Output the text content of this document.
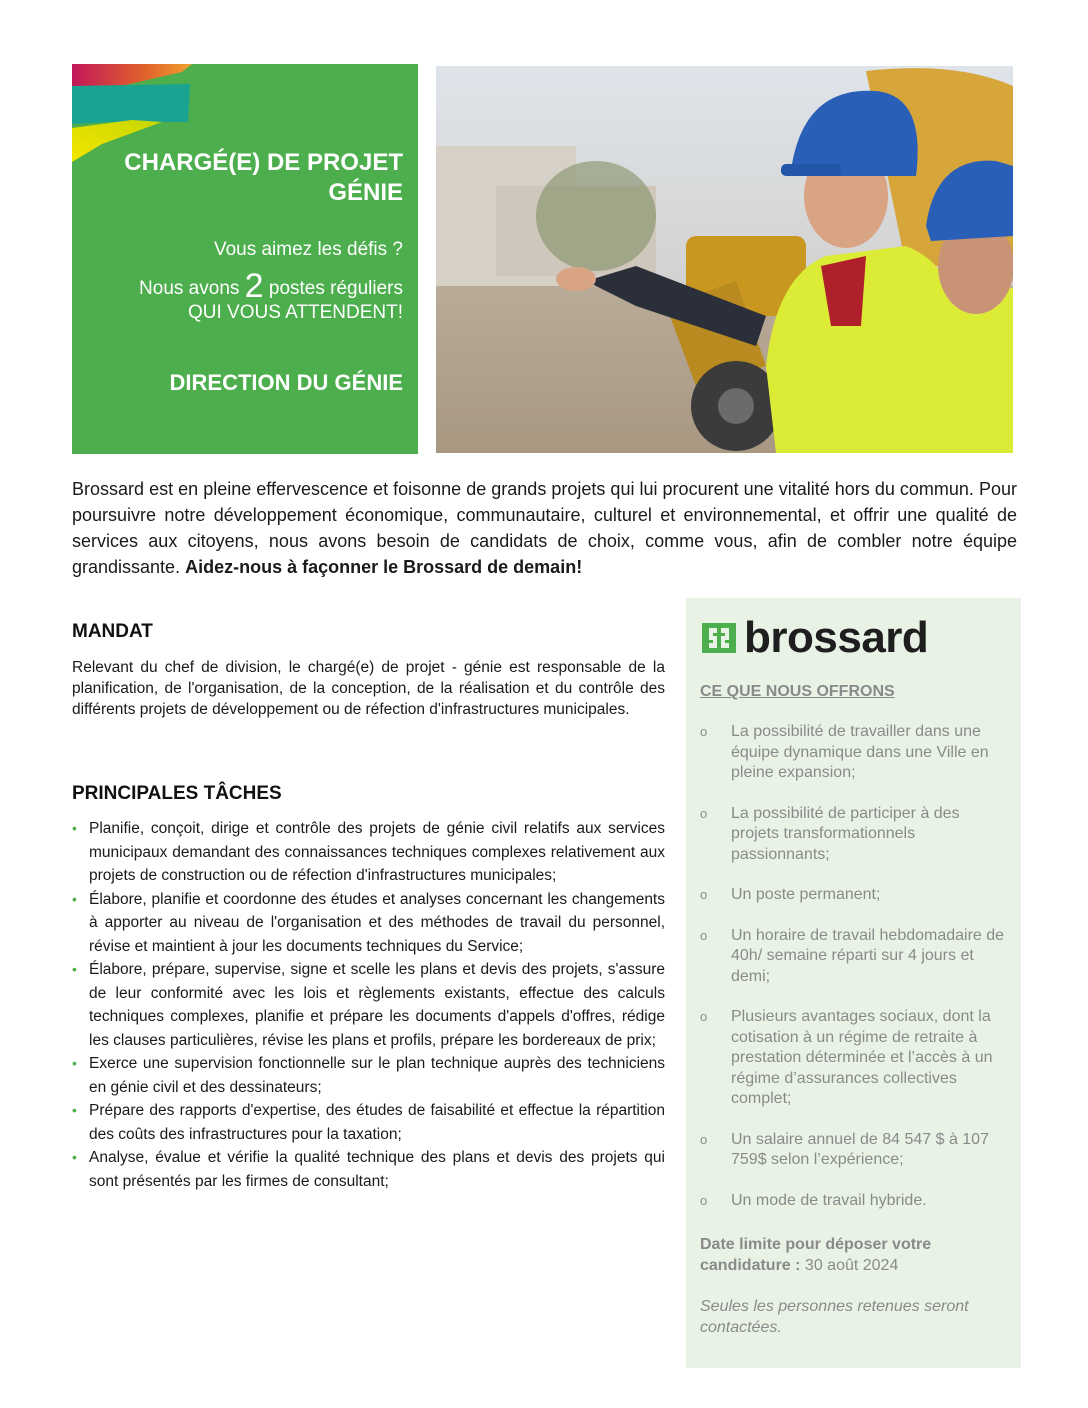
CHARGÉ(E) DE PROJET GÉNIE
Vous aimez les défis ?
Nous avons 2 postes réguliers
QUI VOUS ATTENDENT!
DIRECTION DU GÉNIE

Brossard est en pleine effervescence et foisonne de grands projets qui lui procurent une vitalité hors du commun. Pour poursuivre notre développement économique, communautaire, culturel et environnemental, et offrir une qualité de services aux citoyens, nous avons besoin de candidats de choix, comme vous, afin de combler notre équipe grandissante. Aidez-nous à façonner le Brossard de demain!

MANDAT

Relevant du chef de division, le chargé(e) de projet - génie est responsable de la planification, de l'organisation, de la conception, de la réalisation et du contrôle des différents projets de développement ou de réfection d'infrastructures municipales.

PRINCIPALES TÂCHES
• Planifie, conçoit, dirige et contrôle des projets de génie civil relatifs aux services municipaux demandant des connaissances techniques complexes relativement aux projets de construction ou de réfection d'infrastructures municipales;
• Élabore, planifie et coordonne des études et analyses concernant les changements à apporter au niveau de l'organisation et des méthodes de travail du personnel, révise et maintient à jour les documents techniques du Service;
• Élabore, prépare, supervise, signe et scelle les plans et devis des projets, s'assure de leur conformité avec les lois et règlements existants, effectue des calculs techniques complexes, planifie et prépare les documents d'appels d'offres, rédige les clauses particulières, révise les plans et profils, prépare les bordereaux de prix;
• Exerce une supervision fonctionnelle sur le plan technique auprès des techniciens en génie civil et des dessinateurs;
• Prépare des rapports d'expertise, des études de faisabilité et effectue la répartition des coûts des infrastructures pour la taxation;
• Analyse, évalue et vérifie la qualité technique des plans et devis des projets qui sont présentés par les firmes de consultant;
brossard

CE QUE NOUS OFFRONS

o La possibilité de travailler dans une équipe dynamique dans une Ville en pleine expansion;
o La possibilité de participer à des projets transformationnels passionnants;
o Un poste permanent;
o Un horaire de travail hebdomadaire de 40h/ semaine réparti sur 4 jours et demi;
o Plusieurs avantages sociaux, dont la cotisation à un régime de retraite à prestation déterminée et l’accès à un régime d’assurances collectives complet;
o Un salaire annuel de 84 547 $ à 107 759$ selon l’expérience;
o Un mode de travail hybride.

Date limite pour déposer votre candidature : 30 août 2024

Seules les personnes retenues seront contactées.
